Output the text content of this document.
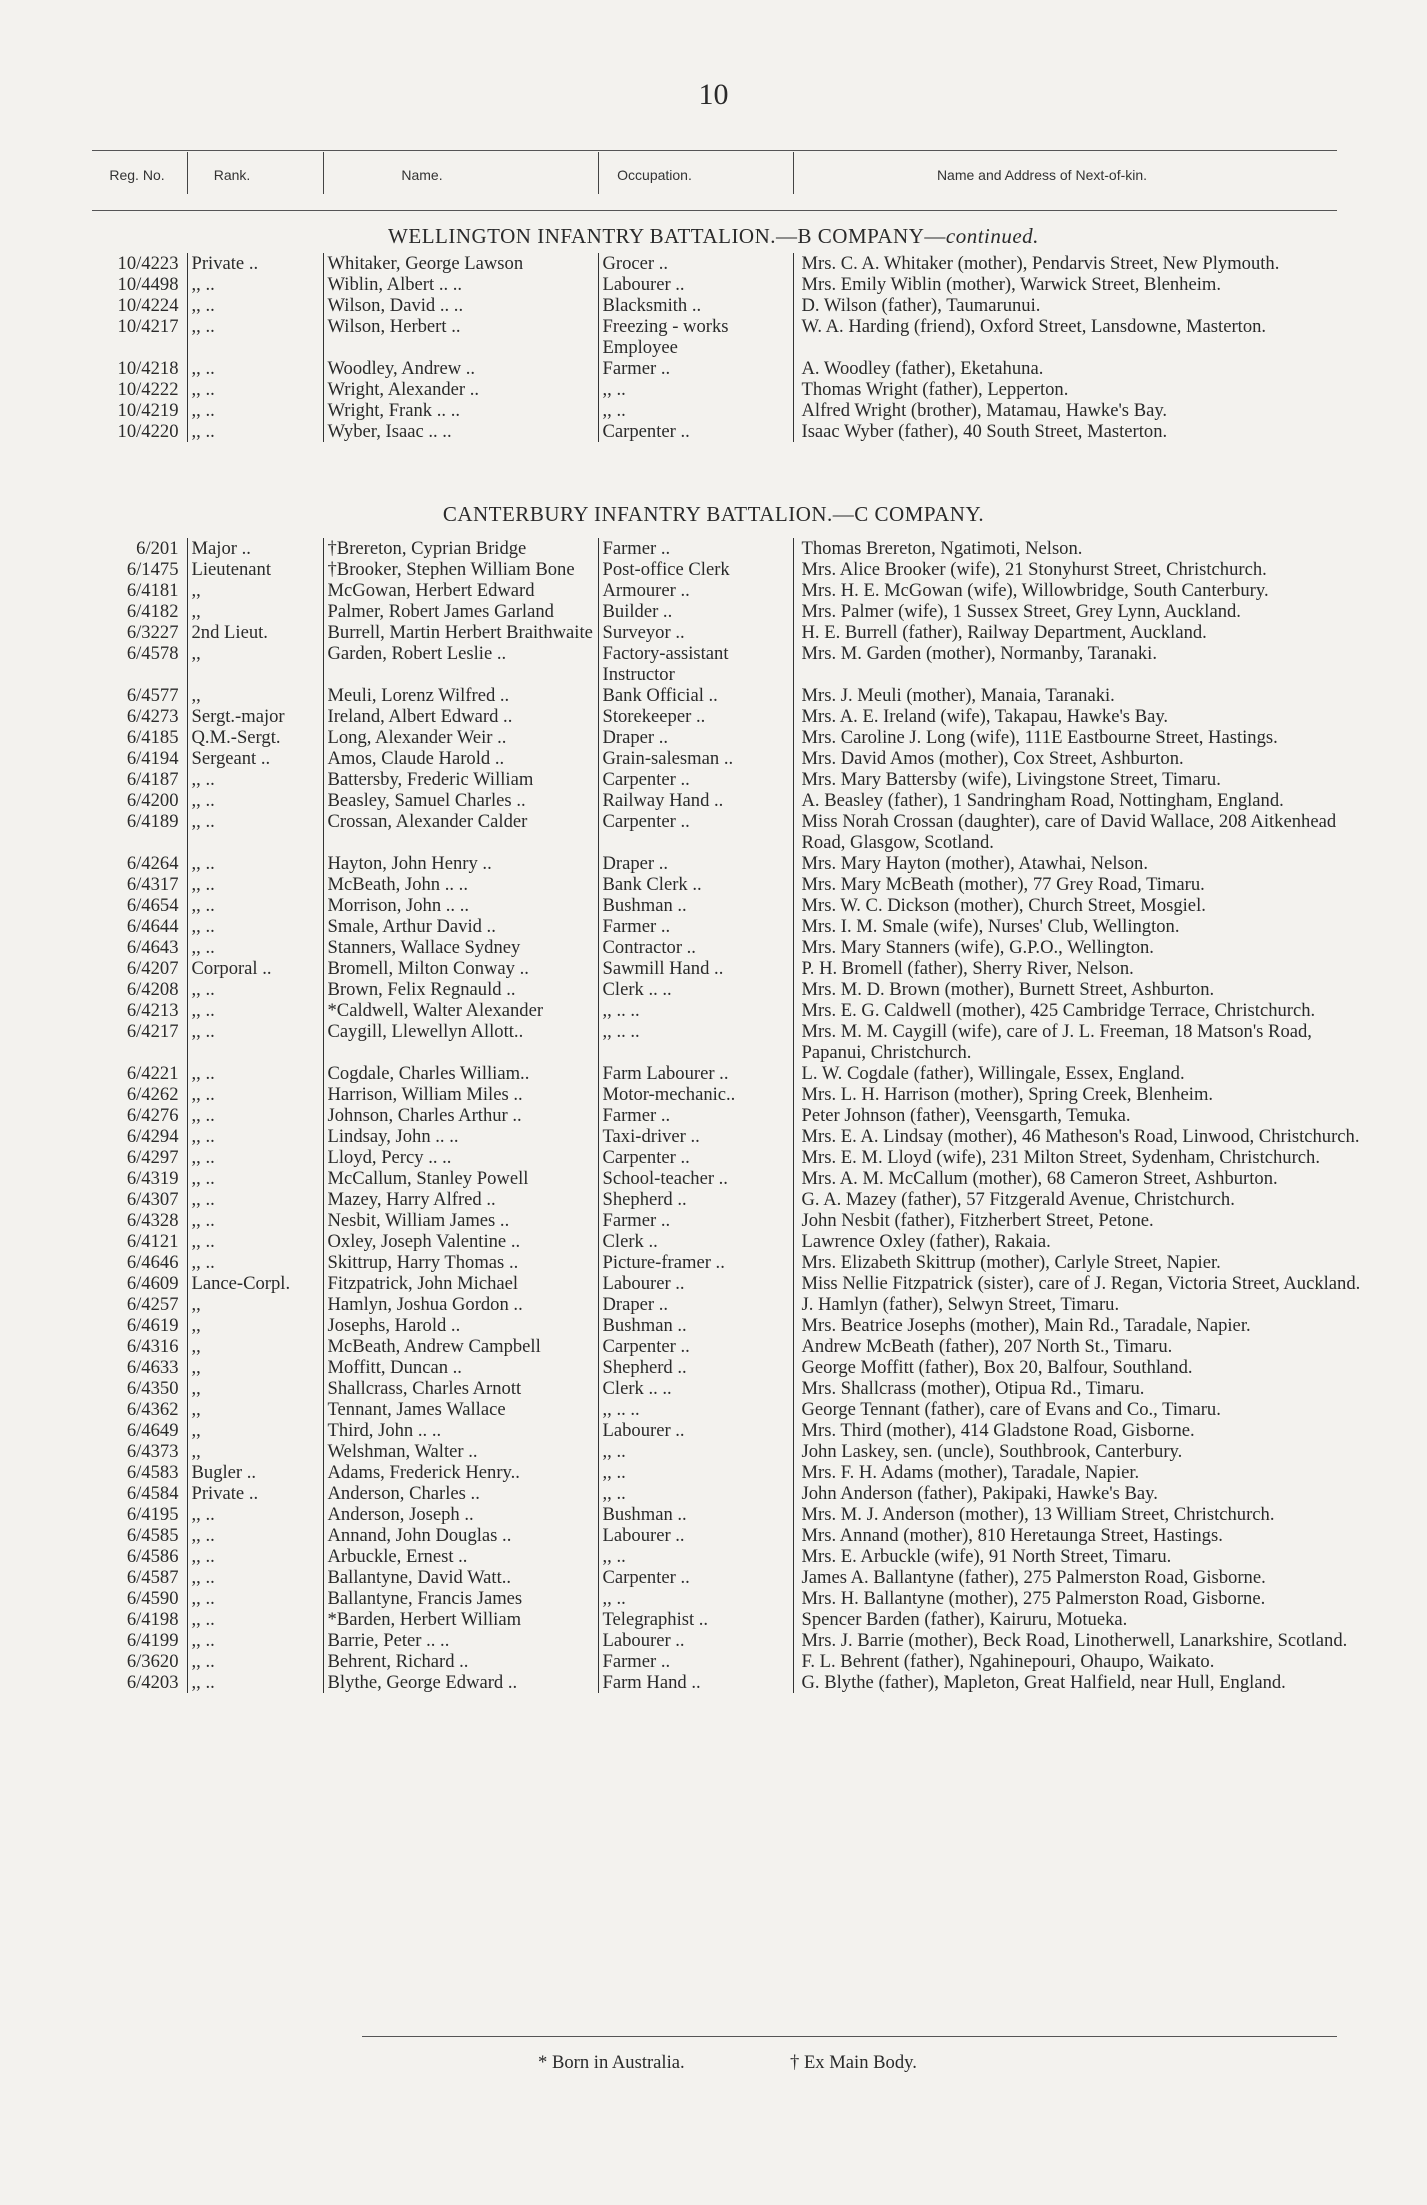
10
Reg. No.	Rank.	Name.	Occupation.	Name and Address of Next-of-kin.
WELLINGTON INFANTRY BATTALION.—B COMPANY—continued.
10/4223	Private ..	Whitaker, George Lawson	Grocer ..	Mrs. C. A. Whitaker (mother), Pendarvis Street, New Plymouth.
10/4498	,, ..	Wiblin, Albert .. ..	Labourer ..	Mrs. Emily Wiblin (mother), Warwick Street, Blenheim.
10/4224	,, ..	Wilson, David .. ..	Blacksmith ..	D. Wilson (father), Taumarunui.
10/4217	,, ..	Wilson, Herbert ..	Freezing - works Employee	W. A. Harding (friend), Oxford Street, Lansdowne, Masterton.
10/4218	,, ..	Woodley, Andrew ..	Farmer ..	A. Woodley (father), Eketahuna.
10/4222	,, ..	Wright, Alexander ..	,, ..	Thomas Wright (father), Lepperton.
10/4219	,, ..	Wright, Frank .. ..	,, ..	Alfred Wright (brother), Matamau, Hawke's Bay.
10/4220	,, ..	Wyber, Isaac .. ..	Carpenter ..	Isaac Wyber (father), 40 South Street, Masterton.
CANTERBURY INFANTRY BATTALION.—C COMPANY.
6/201	Major ..	†Brereton, Cyprian Bridge	Farmer ..	Thomas Brereton, Ngatimoti, Nelson.
6/1475	Lieutenant	†Brooker, Stephen William Bone	Post-office Clerk	Mrs. Alice Brooker (wife), 21 Stonyhurst Street, Christchurch.
6/4181	,,	McGowan, Herbert Edward	Armourer ..	Mrs. H. E. McGowan (wife), Willowbridge, South Canterbury.
6/4182	,,	Palmer, Robert James Garland	Builder ..	Mrs. Palmer (wife), 1 Sussex Street, Grey Lynn, Auckland.
6/3227	2nd Lieut.	Burrell, Martin Herbert Braithwaite	Surveyor ..	H. E. Burrell (father), Railway Department, Auckland.
6/4578	,,	Garden, Robert Leslie ..	Factory-assistant Instructor	Mrs. M. Garden (mother), Normanby, Taranaki.
6/4577	,,	Meuli, Lorenz Wilfred ..	Bank Official ..	Mrs. J. Meuli (mother), Manaia, Taranaki.
6/4273	Sergt.-major	Ireland, Albert Edward ..	Storekeeper ..	Mrs. A. E. Ireland (wife), Takapau, Hawke's Bay.
6/4185	Q.M.-Sergt.	Long, Alexander Weir ..	Draper ..	Mrs. Caroline J. Long (wife), 111E Eastbourne Street, Hastings.
6/4194	Sergeant ..	Amos, Claude Harold ..	Grain-salesman ..	Mrs. David Amos (mother), Cox Street, Ashburton.
6/4187	,, ..	Battersby, Frederic William	Carpenter ..	Mrs. Mary Battersby (wife), Livingstone Street, Timaru.
6/4200	,, ..	Beasley, Samuel Charles ..	Railway Hand ..	A. Beasley (father), 1 Sandringham Road, Nottingham, England.
6/4189	,, ..	Crossan, Alexander Calder	Carpenter ..	Miss Norah Crossan (daughter), care of David Wallace, 208 Aitkenhead Road, Glasgow, Scotland.
6/4264	,, ..	Hayton, John Henry ..	Draper ..	Mrs. Mary Hayton (mother), Atawhai, Nelson.
6/4317	,, ..	McBeath, John .. ..	Bank Clerk ..	Mrs. Mary McBeath (mother), 77 Grey Road, Timaru.
6/4654	,, ..	Morrison, John .. ..	Bushman ..	Mrs. W. C. Dickson (mother), Church Street, Mosgiel.
6/4644	,, ..	Smale, Arthur David ..	Farmer ..	Mrs. I. M. Smale (wife), Nurses' Club, Wellington.
6/4643	,, ..	Stanners, Wallace Sydney	Contractor ..	Mrs. Mary Stanners (wife), G.P.O., Wellington.
6/4207	Corporal ..	Bromell, Milton Conway ..	Sawmill Hand ..	P. H. Bromell (father), Sherry River, Nelson.
6/4208	,, ..	Brown, Felix Regnauld ..	Clerk .. ..	Mrs. M. D. Brown (mother), Burnett Street, Ashburton.
6/4213	,, ..	*Caldwell, Walter Alexander	,, .. ..	Mrs. E. G. Caldwell (mother), 425 Cambridge Terrace, Christchurch.
6/4217	,, ..	Caygill, Llewellyn Allott..	,, .. ..	Mrs. M. M. Caygill (wife), care of J. L. Freeman, 18 Matson's Road, Papanui, Christchurch.
6/4221	,, ..	Cogdale, Charles William..	Farm Labourer ..	L. W. Cogdale (father), Willingale, Essex, England.
6/4262	,, ..	Harrison, William Miles ..	Motor-mechanic..	Mrs. L. H. Harrison (mother), Spring Creek, Blenheim.
6/4276	,, ..	Johnson, Charles Arthur ..	Farmer ..	Peter Johnson (father), Veensgarth, Temuka.
6/4294	,, ..	Lindsay, John .. ..	Taxi-driver ..	Mrs. E. A. Lindsay (mother), 46 Matheson's Road, Linwood, Christchurch.
6/4297	,, ..	Lloyd, Percy .. ..	Carpenter ..	Mrs. E. M. Lloyd (wife), 231 Milton Street, Sydenham, Christchurch.
6/4319	,, ..	McCallum, Stanley Powell	School-teacher ..	Mrs. A. M. McCallum (mother), 68 Cameron Street, Ashburton.
6/4307	,, ..	Mazey, Harry Alfred ..	Shepherd ..	G. A. Mazey (father), 57 Fitzgerald Avenue, Christchurch.
6/4328	,, ..	Nesbit, William James ..	Farmer ..	John Nesbit (father), Fitzherbert Street, Petone.
6/4121	,, ..	Oxley, Joseph Valentine ..	Clerk ..	Lawrence Oxley (father), Rakaia.
6/4646	,, ..	Skittrup, Harry Thomas ..	Picture-framer ..	Mrs. Elizabeth Skittrup (mother), Carlyle Street, Napier.
6/4609	Lance-Corpl.	Fitzpatrick, John Michael	Labourer ..	Miss Nellie Fitzpatrick (sister), care of J. Regan, Victoria Street, Auckland.
6/4257	,,	Hamlyn, Joshua Gordon ..	Draper ..	J. Hamlyn (father), Selwyn Street, Timaru.
6/4619	,,	Josephs, Harold ..	Bushman ..	Mrs. Beatrice Josephs (mother), Main Rd., Taradale, Napier.
6/4316	,,	McBeath, Andrew Campbell	Carpenter ..	Andrew McBeath (father), 207 North St., Timaru.
6/4633	,,	Moffitt, Duncan ..	Shepherd ..	George Moffitt (father), Box 20, Balfour, Southland.
6/4350	,,	Shallcrass, Charles Arnott	Clerk .. ..	Mrs. Shallcrass (mother), Otipua Rd., Timaru.
6/4362	,,	Tennant, James Wallace	,, .. ..	George Tennant (father), care of Evans and Co., Timaru.
6/4649	,,	Third, John .. ..	Labourer ..	Mrs. Third (mother), 414 Gladstone Road, Gisborne.
6/4373	,,	Welshman, Walter ..	,, ..	John Laskey, sen. (uncle), Southbrook, Canterbury.
6/4583	Bugler ..	Adams, Frederick Henry..	,, ..	Mrs. F. H. Adams (mother), Taradale, Napier.
6/4584	Private ..	Anderson, Charles ..	,, ..	John Anderson (father), Pakipaki, Hawke's Bay.
6/4195	,, ..	Anderson, Joseph ..	Bushman ..	Mrs. M. J. Anderson (mother), 13 William Street, Christchurch.
6/4585	,, ..	Annand, John Douglas ..	Labourer ..	Mrs. Annand (mother), 810 Heretaunga Street, Hastings.
6/4586	,, ..	Arbuckle, Ernest ..	,, ..	Mrs. E. Arbuckle (wife), 91 North Street, Timaru.
6/4587	,, ..	Ballantyne, David Watt..	Carpenter ..	James A. Ballantyne (father), 275 Palmerston Road, Gisborne.
6/4590	,, ..	Ballantyne, Francis James	,, ..	Mrs. H. Ballantyne (mother), 275 Palmerston Road, Gisborne.
6/4198	,, ..	*Barden, Herbert William	Telegraphist ..	Spencer Barden (father), Kairuru, Motueka.
6/4199	,, ..	Barrie, Peter .. ..	Labourer ..	Mrs. J. Barrie (mother), Beck Road, Linotherwell, Lanarkshire, Scotland.
6/3620	,, ..	Behrent, Richard ..	Farmer ..	F. L. Behrent (father), Ngahinepouri, Ohaupo, Waikato.
6/4203	,, ..	Blythe, George Edward ..	Farm Hand ..	G. Blythe (father), Mapleton, Great Halfield, near Hull, England.
* Born in Australia.	† Ex Main Body.
